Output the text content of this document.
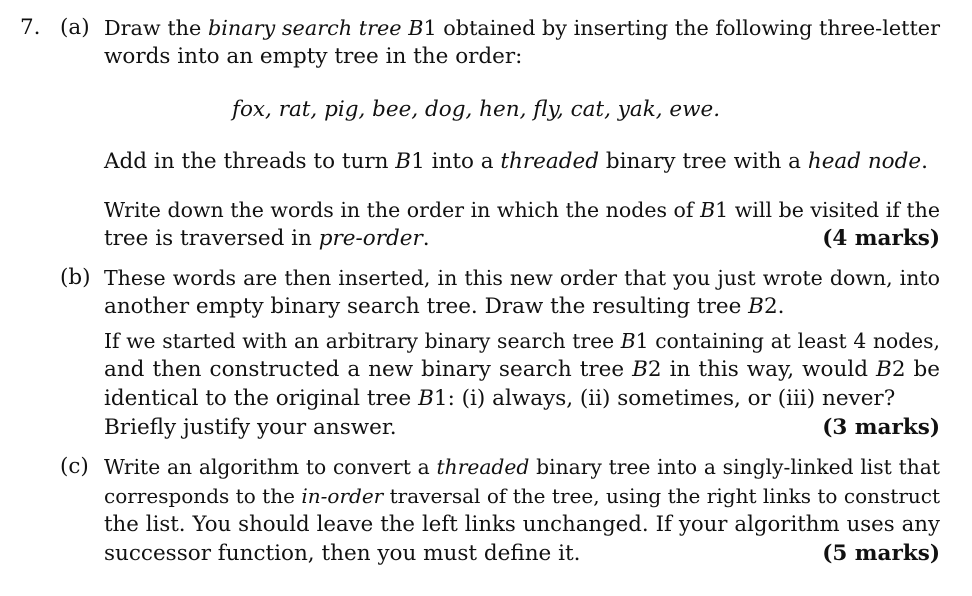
7. (a) Draw the binary search tree B1 obtained by inserting the following three-letter
words into an empty tree in the order:
fox, rat, pig, bee, dog, hen, fly, cat, yak, ewe.
Add in the threads to turn B1 into a threaded binary tree with a head node.
Write down the words in the order in which the nodes of B1 will be visited if the
tree is traversed in pre-order.	(4 marks)
(b) These words are then inserted, in this new order that you just wrote down, into
another empty binary search tree. Draw the resulting tree B2.
If we started with an arbitrary binary search tree B1 containing at least 4 nodes,
and then constructed a new binary search tree B2 in this way, would B2 be
identical to the original tree B1: (i) always, (ii) sometimes, or (iii) never?
Briefly justify your answer.	(3 marks)
(c) Write an algorithm to convert a threaded binary tree into a singly-linked list that
corresponds to the in-order traversal of the tree, using the right links to construct
the list. You should leave the left links unchanged. If your algorithm uses any
successor function, then you must define it.	(5 marks)
